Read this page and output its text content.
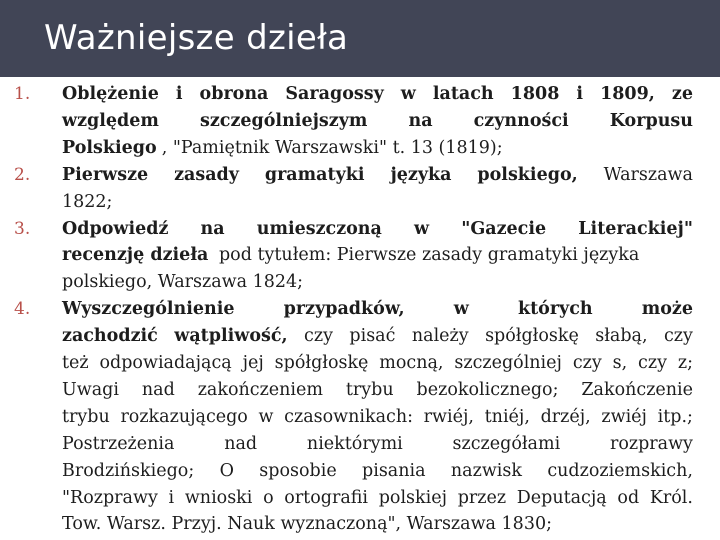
Ważniejsze dzieła
1.	Oblężenie i obrona Saragossy w latach 1808 i 1809, ze
względem szczególniejszym na czynności Korpusu
Polskiego , "Pamiętnik Warszawski" t. 13 (1819);
2.	Pierwsze zasady gramatyki języka polskiego, Warszawa
1822;
3.	Odpowiedź na umieszczoną w "Gazecie Literackiej"
recenzję dzieła pod tytułem: Pierwsze zasady gramatyki języka
polskiego, Warszawa 1824;
4.	Wyszczególnienie	przypadków,	w	których	może
zachodzić wątpliwość, czy pisać należy spółgłoskę słabą, czy
też odpowiadającą jej spółgłoskę mocną, szczególniej czy s, czy z;
Uwagi nad zakończeniem trybu bezokolicznego; Zakończenie
trybu rozkazującego w czasownikach: rwiéj, tniéj, drzéj, zwiéj itp.;
Postrzeżenia	nad	niektórymi	szczegółami	rozprawy
Brodzińskiego; O sposobie pisania nazwisk cudzoziemskich,
"Rozprawy i wnioski o ortografii polskiej przez Deputacją od Król.
Tow. Warsz. Przyj. Nauk wyznaczoną", Warszawa 1830;
